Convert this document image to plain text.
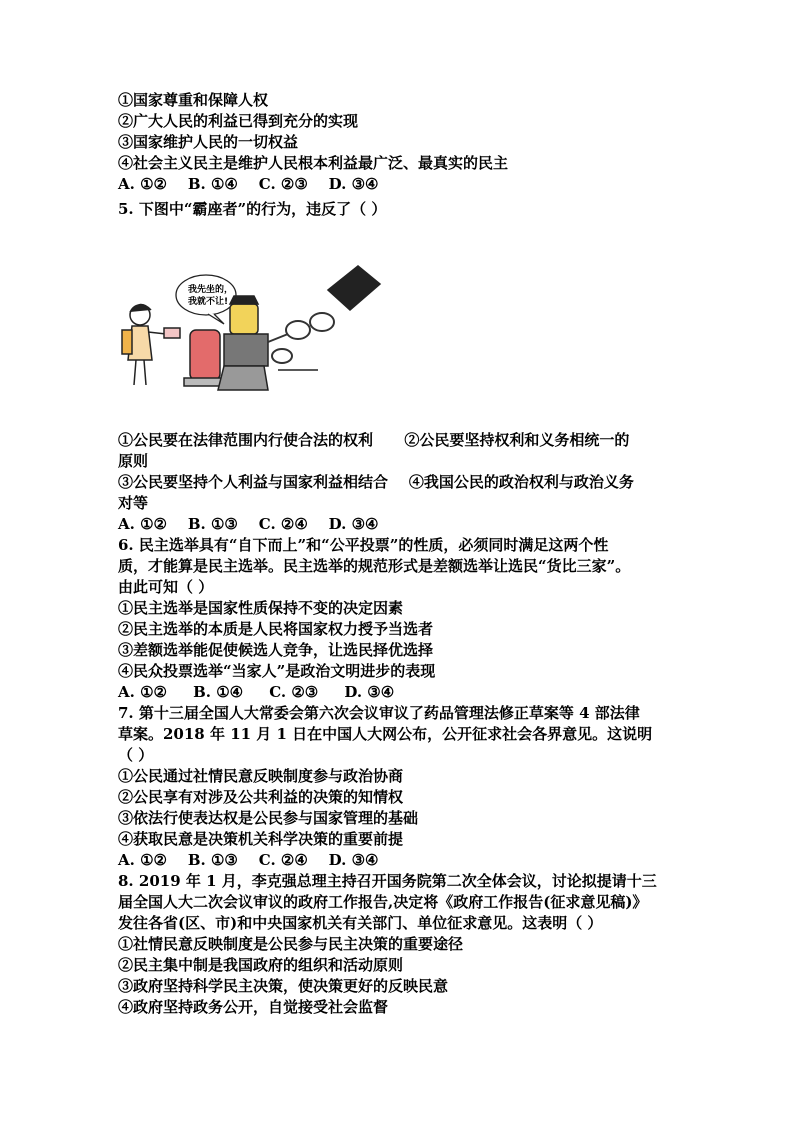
①国家尊重和保障人权
②广大人民的利益已得到充分的实现
③国家维护人民的一切权益
④社会主义民主是维护人民根本利益最广泛、最真实的民主
A. ①②    B. ①④    C. ②③    D. ③④
5. 下图中“霸座者”的行为，违反了（ ）
我先坐的，
我就不让!
①公民要在法律范围内行使合法的权利      ②公民要坚持权利和义务相统一的
原则
③公民要坚持个人利益与国家利益相结合    ④我国公民的政治权利与政治义务
对等
A. ①②    B. ①③    C. ②④    D. ③④
6. 民主选举具有“自下而上”和“公平投票”的性质，必须同时满足这两个性
质，才能算是民主选举。民主选举的规范形式是差额选举让选民“货比三家”。
由此可知（ ）
①民主选举是国家性质保持不变的决定因素
②民主选举的本质是人民将国家权力授予当选者
③差额选举能促使候选人竞争，让选民择优选择
④民众投票选举“当家人”是政治文明进步的表现
A. ①②     B. ①④     C. ②③     D. ③④
7. 第十三届全国人大常委会第六次会议审议了药品管理法修正草案等 4 部法律
草案。2018 年 11 月 1 日在中国人大网公布，公开征求社会各界意见。这说明
（ ）
①公民通过社情民意反映制度参与政治协商
②公民享有对涉及公共利益的决策的知情权
③依法行使表达权是公民参与国家管理的基础
④获取民意是决策机关科学决策的重要前提
A. ①②    B. ①③    C. ②④    D. ③④
8. 2019 年 1 月，李克强总理主持召开国务院第二次全体会议，讨论拟提请十三
届全国人大二次会议审议的政府工作报告,决定将《政府工作报告(征求意见稿)》
发往各省(区、市)和中央国家机关有关部门、单位征求意见。这表明（ ）
①社情民意反映制度是公民参与民主决策的重要途径
②民主集中制是我国政府的组织和活动原则
③政府坚持科学民主决策，使决策更好的反映民意
④政府坚持政务公开，自觉接受社会监督
